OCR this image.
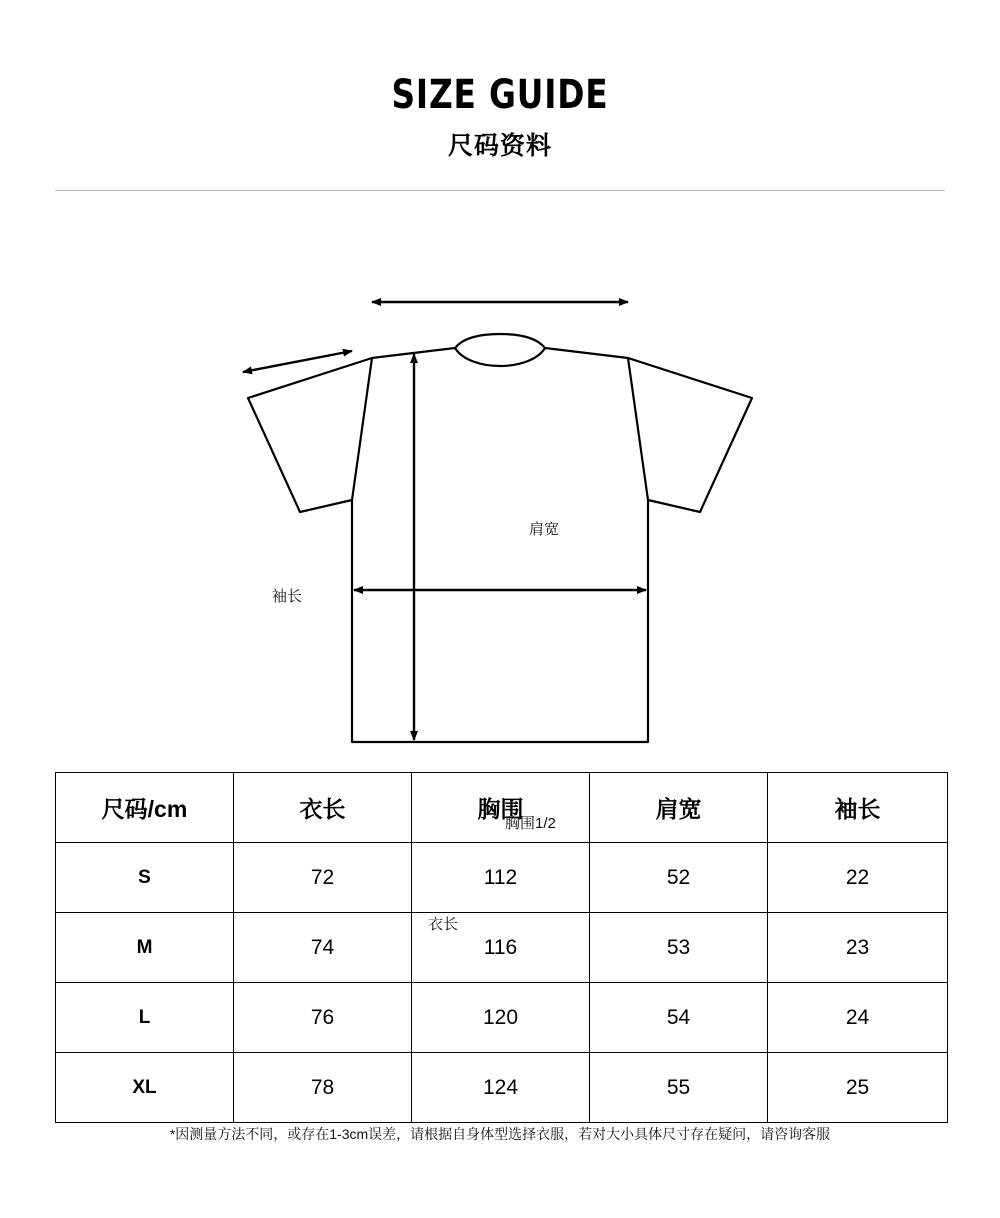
SIZE GUIDE
尺码资料
肩宽
袖长
胸围1/2
衣长
尺码/cm	衣长	胸围	肩宽	袖长
S	72	112	52	22
M	74	116	53	23
L	76	120	54	24
XL	78	124	55	25
*因测量方法不同，或存在1-3cm误差，请根据自身体型选择衣服，若对大小具体尺寸存在疑问，请咨询客服
